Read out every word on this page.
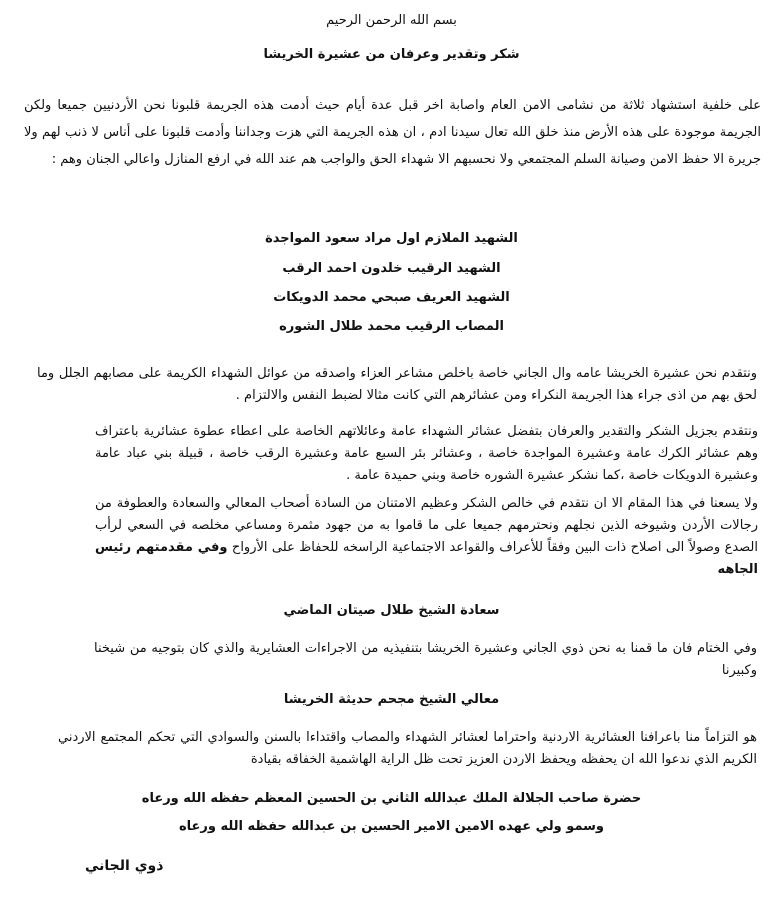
بسم الله الرحمن الرحيم
شكر وتقدير وعرفان من عشيرة الخريشا
على خلفية استشهاد ثلاثة من نشامى الامن العام واصابة اخر قبل عدة أيام حيث أدمت هذه الجريمة قلبونا نحن الأردنيين جميعا ولكن الجريمة موجودة على هذه الأرض منذ خلق الله تعال سيدنا ادم ، ان هذه الجريمة التي هزت وجداننا وأدمت قلبونا على أناس لا ذنب لهم ولا جريرة الا حفظ الامن وصيانة السلم المجتمعي ولا نحسبهم الا شهداء الحق والواجب هم عند الله في ارفع المنازل واعالي الجنان وهم :
الشهيد الملازم اول مراد سعود المواجدة
الشهيد الرقيب خلدون احمد الرقب
الشهيد العريف صبحي محمد الدويكات
المصاب الرقيب محمد طلال الشوره
ونتقدم نحن عشيرة الخريشا عامه وال الجاني خاصة باخلص مشاعر العزاء واصدقه من عوائل الشهداء الكريمة على مصابهم الجلل وما لحق بهم من اذى جراء هذا الجريمة النكراء ومن عشائرهم التي كانت مثالا لضبط النفس والالتزام .
ونتقدم بجزيل الشكر والتقدير والعرفان بتفضل عشائر الشهداء عامة وعائلاتهم الخاصة على اعطاء عطوة عشائرية باعتراف وهم عشائر الكرك عامة وعشيرة المواجدة خاصة ، وعشائر بئر السبع عامة وعشيرة الرقب خاصة ، قبيلة بني عباد عامة وعشيرة الدويكات خاصة ،كما نشكر عشيرة الشوره خاصة وبني حميدة عامة .
ولا يسعنا في هذا المقام الا ان نتقدم في خالص الشكر وعظيم الامتنان من السادة أصحاب المعالي والسعادة والعطوفة من رجالات الأردن وشيوخه الذين نجلهم ونحترمهم جميعا على ما قاموا به من جهود مثمرة ومساعي مخلصه في السعي لرأب الصدع وصولاً الى اصلاح ذات البين وفقاً للأعراف والقواعد الاجتماعية الراسخه للحفاظ على الأرواح وفي مقدمتهم رئيس الجاهه
سعادة الشيخ طلال صيتان الماضي
وفي الختام فان ما قمنا به نحن ذوي الجاني وعشيرة الخريشا بتنفيذيه من الاجراءات العشايرية والذي كان بتوجيه من شيخنا وكبيرنا
معالي الشيخ مجحم حديثة الخريشا
هو التزاماً منا باعرافنا العشائرية الاردنية واحتراما لعشائر الشهداء والمصاب واقتداءا بالسنن والسوادي التي تحكم المجتمع الاردني الكريم الذي ندعوا الله ان يحفظه ويحفظ الاردن العزيز تحت ظل الراية الهاشمية الخفاقه بقيادة
حضرة صاحب الجلالة الملك عبدالله الثاني بن الحسين المعظم حفظه الله ورعاه
وسمو ولي عهده الامين الامير الحسين بن عبدالله حفظه الله ورعاه
ذوي الجاني
